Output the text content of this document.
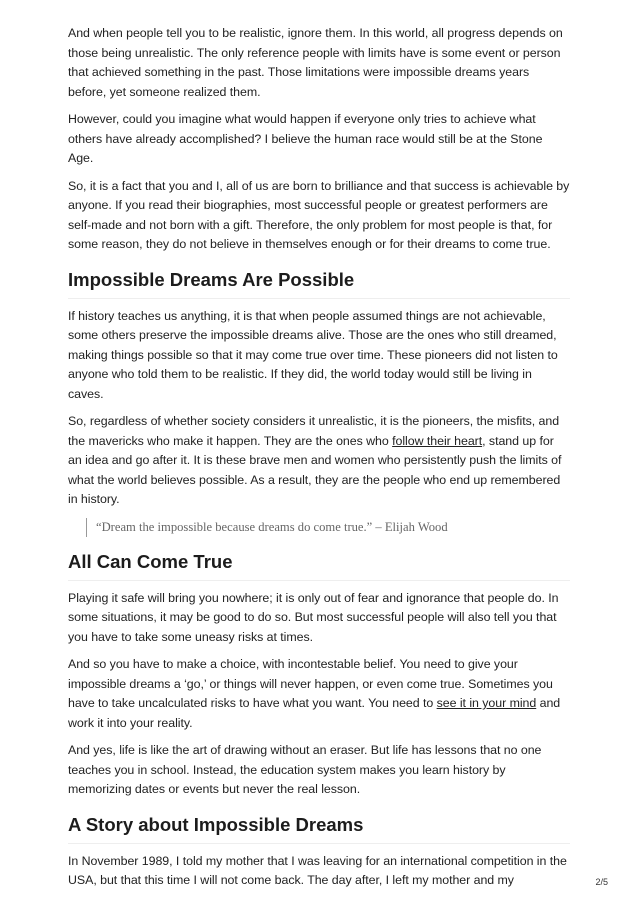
And when people tell you to be realistic, ignore them. In this world, all progress depends on those being unrealistic. The only reference people with limits have is some event or person that achieved something in the past. Those limitations were impossible dreams years before, yet someone realized them.

However, could you imagine what would happen if everyone only tries to achieve what others have already accomplished? I believe the human race would still be at the Stone Age.

So, it is a fact that you and I, all of us are born to brilliance and that success is achievable by anyone. If you read their biographies, most successful people or greatest performers are self-made and not born with a gift. Therefore, the only problem for most people is that, for some reason, they do not believe in themselves enough or for their dreams to come true.

Impossible Dreams Are Possible

If history teaches us anything, it is that when people assumed things are not achievable, some others preserve the impossible dreams alive. Those are the ones who still dreamed, making things possible so that it may come true over time. These pioneers did not listen to anyone who told them to be realistic. If they did, the world today would still be living in caves.

So, regardless of whether society considers it unrealistic, it is the pioneers, the misfits, and the mavericks who make it happen. They are the ones who follow their heart, stand up for an idea and go after it. It is these brave men and women who persistently push the limits of what the world believes possible. As a result, they are the people who end up remembered in history.

“Dream the impossible because dreams do come true.” – Elijah Wood
All Can Come True

Playing it safe will bring you nowhere; it is only out of fear and ignorance that people do. In some situations, it may be good to do so. But most successful people will also tell you that you have to take some uneasy risks at times.

And so you have to make a choice, with incontestable belief. You need to give your impossible dreams a ‘go,’ or things will never happen, or even come true. Sometimes you have to take uncalculated risks to have what you want. You need to see it in your mind and work it into your reality.

And yes, life is like the art of drawing without an eraser. But life has lessons that no one teaches you in school. Instead, the education system makes you learn history by memorizing dates or events but never the real lesson.

A Story about Impossible Dreams

In November 1989, I told my mother that I was leaving for an international competition in the USA, but that this time I will not come back. The day after, I left my mother and my	2/5
